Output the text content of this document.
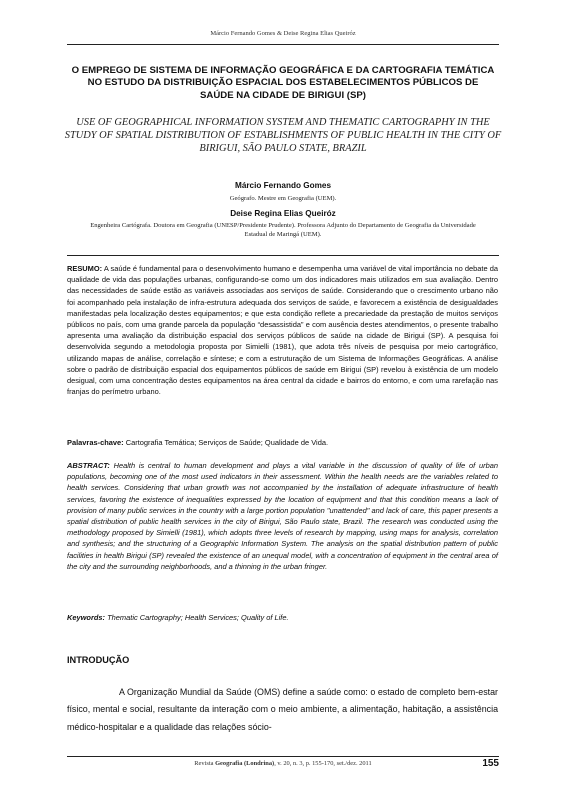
Márcio Fernando Gomes & Deise Regina Elias Queiróz
O EMPREGO DE SISTEMA DE INFORMAÇÃO GEOGRÁFICA E DA CARTOGRAFIA TEMÁTICA NO ESTUDO DA DISTRIBUIÇÃO ESPACIAL DOS ESTABELECIMENTOS PÚBLICOS DE SAÚDE NA CIDADE DE BIRIGUI (SP)
USE OF GEOGRAPHICAL INFORMATION SYSTEM AND THEMATIC CARTOGRAPHY IN THE STUDY OF SPATIAL DISTRIBUTION OF ESTABLISHMENTS OF PUBLIC HEALTH IN THE CITY OF BIRIGUI, SÃO PAULO STATE, BRAZIL
Márcio Fernando Gomes
Geógrafo. Mestre em Geografia (UEM).
Deise Regina Elias Queiróz
Engenheira Cartógrafa. Doutora em Geografia (UNESP/Presidente Prudente). Professora Adjunto do Departamento de Geografia da Universidade Estadual de Maringá (UEM).
RESUMO: A saúde é fundamental para o desenvolvimento humano e desempenha uma variável de vital importância no debate da qualidade de vida das populações urbanas, configurando-se como um dos indicadores mais utilizados em sua avaliação. Dentro das necessidades de saúde estão as variáveis associadas aos serviços de saúde. Considerando que o crescimento urbano não foi acompanhado pela instalação de infra-estrutura adequada dos serviços de saúde, e favorecem a existência de desigualdades manifestadas pela localização destes equipamentos; e que esta condição reflete a precariedade da prestação de muitos serviços públicos no país, com uma grande parcela da população “desassistida” e com ausência destes atendimentos, o presente trabalho apresenta uma avaliação da distribuição espacial dos serviços públicos de saúde na cidade de Birigui (SP). A pesquisa foi desenvolvida segundo a metodologia proposta por Simielli (1981), que adota três níveis de pesquisa por meio cartográfico, utilizando mapas de análise, correlação e síntese; e com a estruturação de um Sistema de Informações Geográficas. A análise sobre o padrão de distribuição espacial dos equipamentos públicos de saúde em Birigui (SP) revelou à existência de um modelo desigual, com uma concentração destes equipamentos na área central da cidade e bairros do entorno, e com uma rarefação nas franjas do perímetro urbano.
Palavras-chave: Cartografia Temática; Serviços de Saúde; Qualidade de Vida.
ABSTRACT: Health is central to human development and plays a vital variable in the discussion of quality of life of urban populations, becoming one of the most used indicators in their assessment. Within the health needs are the variables related to health services. Considering that urban growth was not accompanied by the installation of adequate infrastructure of health services, favoring the existence of inequalities expressed by the location of equipment and that this condition means a lack of provision of many public services in the country with a large portion population "unattended" and lack of care, this paper presents a spatial distribution of public health services in the city of Birigui, São Paulo state, Brazil. The research was conducted using the methodology proposed by Simielli (1981), which adopts three levels of research by mapping, using maps for analysis, correlation and synthesis; and the structuring of a Geographic Information System. The analysis on the spatial distribution pattern of public facilities in health Birigui (SP) revealed the existence of an unequal model, with a concentration of equipment in the central area of the city and the surrounding neighborhoods, and a thinning in the urban fringer.
Keywords: Thematic Cartography; Health Services; Quality of Life.
INTRODUÇÃO
A Organização Mundial da Saúde (OMS) define a saúde como: o estado de completo bem-estar físico, mental e social, resultante da interação com o meio ambiente, a alimentação, habitação, a assistência médico-hospitalar e a qualidade das relações sócio-
Revista Geografia (Londrina), v. 20, n. 3, p. 155-170, set./dez. 2011	155
